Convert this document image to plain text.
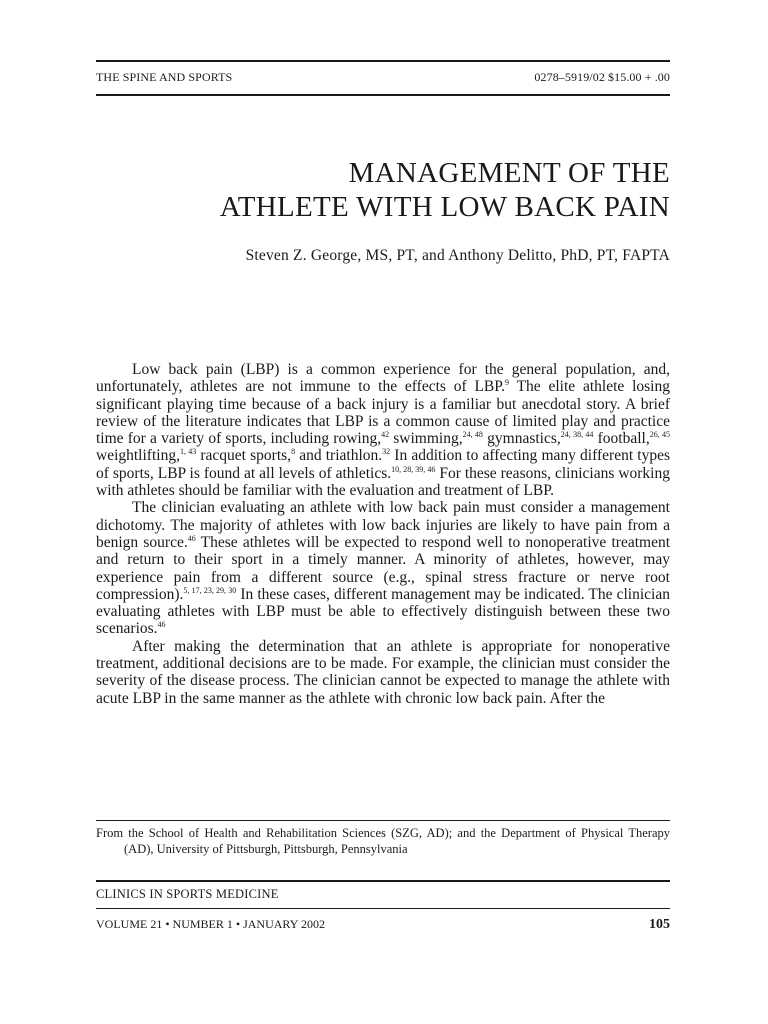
THE SPINE AND SPORTS	0278–5919/02 $15.00 + .00
MANAGEMENT OF THE
ATHLETE WITH LOW BACK PAIN
Steven Z. George, MS, PT, and Anthony Delitto, PhD, PT, FAPTA

Low back pain (LBP) is a common experience for the general population, and, unfortunately, athletes are not immune to the effects of LBP.$^9$ The elite athlete losing significant playing time because of a back injury is a familiar but anecdotal story. A brief review of the literature indicates that LBP is a common cause of limited play and practice time for a variety of sports, including rowing,$^{42}$ swimming,$^{24, 48}$ gymnastics,$^{24, 38, 44}$ football,$^{26, 45}$ weightlifting,$^{1, 43}$ racquet sports,$^8$ and triathlon.$^{32}$ In addition to affecting many different types of sports, LBP is found at all levels of athletics.$^{10, 28, 39, 46}$ For these reasons, clinicians working with athletes should be familiar with the evaluation and treatment of LBP.

The clinician evaluating an athlete with low back pain must consider a management dichotomy. The majority of athletes with low back injuries are likely to have pain from a benign source.$^{46}$ These athletes will be expected to respond well to nonoperative treatment and return to their sport in a timely manner. A minority of athletes, however, may experience pain from a different source (e.g., spinal stress fracture or nerve root compression).$^{5, 17, 23, 29, 30}$ In these cases, different management may be indicated. The clinician evaluating athletes with LBP must be able to effectively distinguish between these two scenarios.$^{46}$

After making the determination that an athlete is appropriate for nonoperative treatment, additional decisions are to be made. For example, the clinician must consider the severity of the disease process. The clinician cannot be expected to manage the athlete with acute LBP in the same manner as the athlete with chronic low back pain. After the

From the School of Health and Rehabilitation Sciences (SZG, AD); and the Department of Physical Therapy (AD), University of Pittsburgh, Pittsburgh, Pennsylvania

CLINICS IN SPORTS MEDICINE
VOLUME 21 • NUMBER 1 • JANUARY 2002	105
